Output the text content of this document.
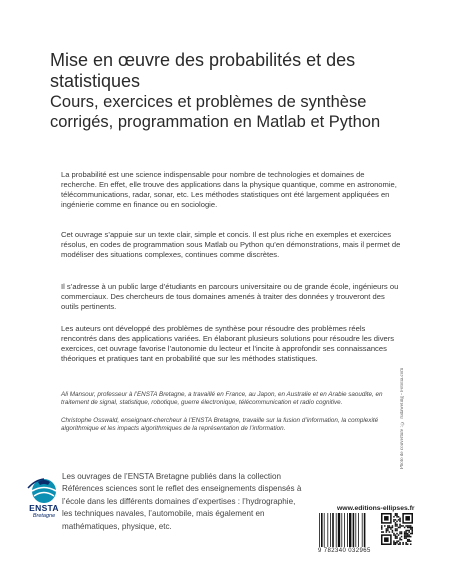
Mise en œuvre des probabilités et des statistiques
Cours, exercices et problèmes de synthèse corrigés, programmation en Matlab et Python

La probabilité est une science indispensable pour nombre de technologies et domaines de recherche. En effet, elle trouve des applications dans la physique quantique, comme en astronomie, télécommunications, radar, sonar, etc. Les méthodes statistiques ont été largement appliquées en ingénierie comme en finance ou en sociologie.

Cet ouvrage s’appuie sur un texte clair, simple et concis. Il est plus riche en exemples et exercices résolus, en codes de programmation sous Matlab ou Python qu’en démonstrations, mais il permet de modéliser des situations complexes, continues comme discrètes.

Il s’adresse à un public large d’étudiants en parcours universitaire ou de grande école, ingénieurs ou commerciaux. Des chercheurs de tous domaines amenés à traiter des données y trouveront des outils pertinents.

Les auteurs ont développé des problèmes de synthèse pour résoudre des problèmes réels rencontrés dans des applications variées. En élaborant plusieurs solutions pour résoudre les divers exercices, cet ouvrage favorise l’autonomie du lecteur et l’incite à approfondir ses connaissances théoriques et pratiques tant en probabilité que sur les méthodes statistiques.

Ali Mansour, professeur à l’ENSTA Bretagne, a travaillé en France, au Japon, en Australie et en Arabie saoudite, en traitement de signal, statistique, robotique, guerre électronique, télécommunication et radio cognitive.

Christophe Osswald, enseignant-chercheur à l’ENSTA Bretagne, travaille sur la fusion d’information, la complexité algorithmique et les impacts algorithmiques de la représentation de l’information.	Photo de couverture : © rudaweling - Fotolia.com
ENSTA
Bretagne

Les ouvrages de l’ENSTA Bretagne publiés dans la collection Références sciences sont le reflet des enseignements dispensés à l’école dans les différents domaines d’expertises : l’hydrographie, les techniques navales, l’automobile, mais également en mathématiques, physique, etc.

www.editions-ellipses.fr
9 782340 032965
